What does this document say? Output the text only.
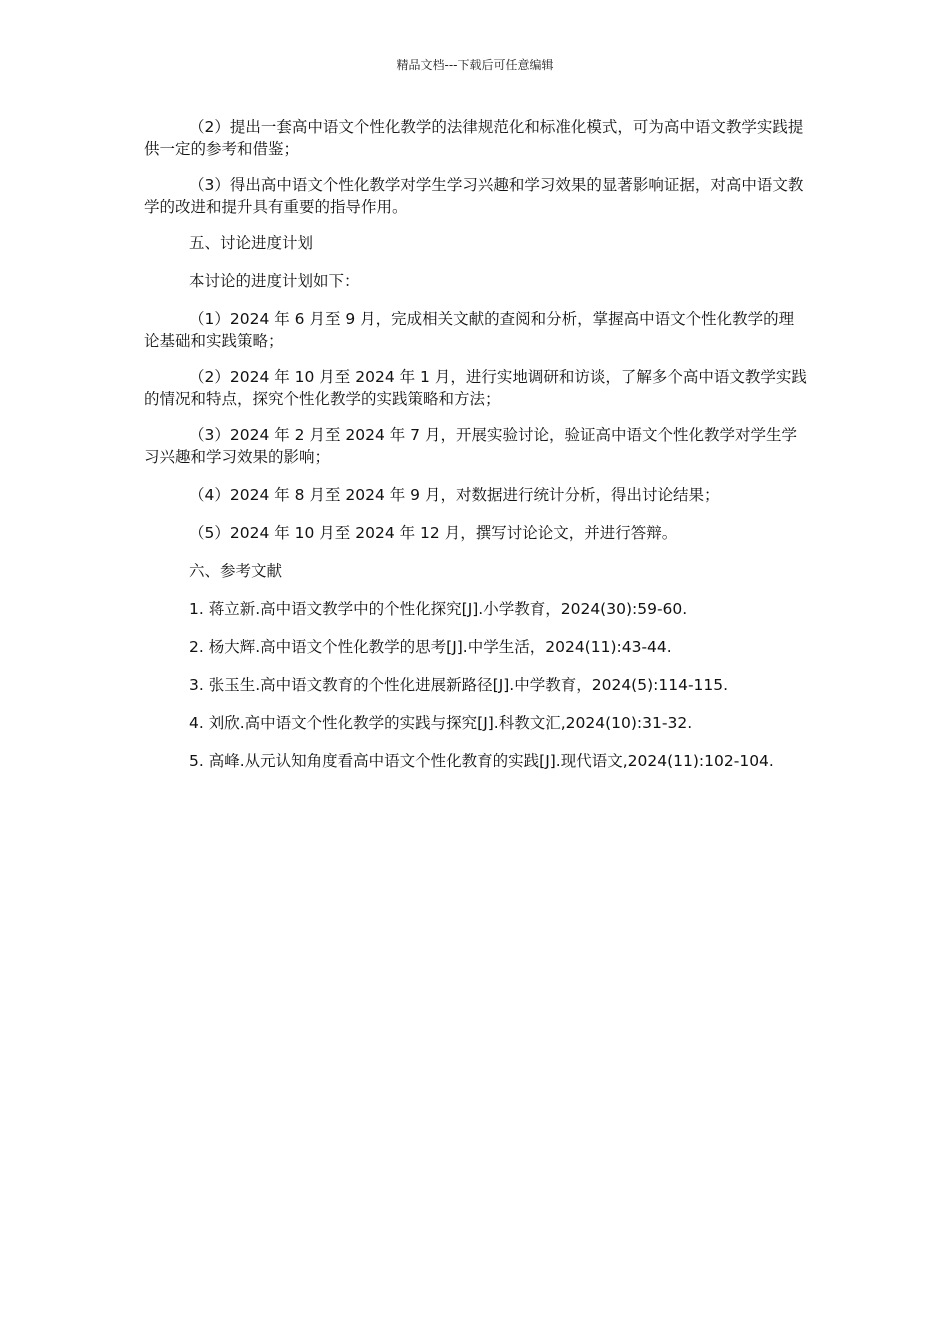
精品文档---下载后可任意编辑

（2）提出一套高中语文个性化教学的法律规范化和标准化模式，可为高中语文教学实践提供一定的参考和借鉴；

（3）得出高中语文个性化教学对学生学习兴趣和学习效果的显著影响证据，对高中语文教学的改进和提升具有重要的指导作用。

五、讨论进度计划

本讨论的进度计划如下：

（1）2024 年 6 月至 9 月，完成相关文献的查阅和分析，掌握高中语文个性化教学的理论基础和实践策略；

（2）2024 年 10 月至 2024 年 1 月，进行实地调研和访谈，了解多个高中语文教学实践的情况和特点，探究个性化教学的实践策略和方法；

（3）2024 年 2 月至 2024 年 7 月，开展实验讨论，验证高中语文个性化教学对学生学习兴趣和学习效果的影响；

（4）2024 年 8 月至 2024 年 9 月，对数据进行统计分析，得出讨论结果；

（5）2024 年 10 月至 2024 年 12 月，撰写讨论论文，并进行答辩。

六、参考文献

1. 蒋立新.高中语文教学中的个性化探究[J].小学教育，2024(30):59-60.

2. 杨大辉.高中语文个性化教学的思考[J].中学生活，2024(11):43-44.

3. 张玉生.高中语文教育的个性化进展新路径[J].中学教育，2024(5):114-115.

4. 刘欣.高中语文个性化教学的实践与探究[J].科教文汇,2024(10):31-32.

5. 高峰.从元认知角度看高中语文个性化教育的实践[J].现代语文,2024(11):102-104.
